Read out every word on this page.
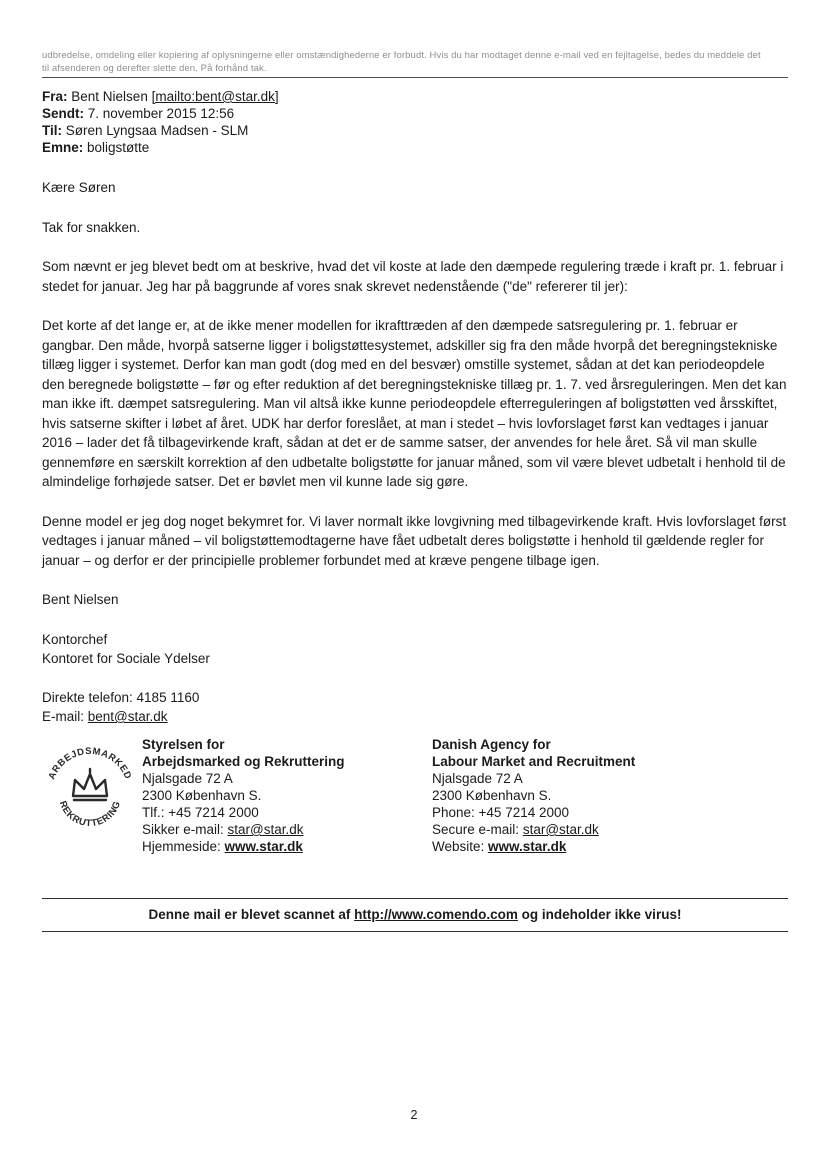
udbredelse, omdeling eller kopiering af oplysningerne eller omstændighederne er forbudt. Hvis du har modtaget denne e-mail ved en fejltagelse, bedes du meddele det
til afsenderen og derefter slette den. På forhånd tak.
Fra: Bent Nielsen [mailto:bent@star.dk]
Sendt: 7. november 2015 12:56
Til: Søren Lyngsaa Madsen - SLM
Emne: boligstøtte

Kære Søren

Tak for snakken.

Som nævnt er jeg blevet bedt om at beskrive, hvad det vil koste at lade den dæmpede regulering træde i kraft pr. 1. februar i stedet for januar. Jeg har på baggrunde af vores snak skrevet nedenstående ("de" refererer til jer):

Det korte af det lange er, at de ikke mener modellen for ikrafttræden af den dæmpede satsregulering pr. 1. februar er gangbar. Den måde, hvorpå satserne ligger i boligstøttesystemet, adskiller sig fra den måde hvorpå det beregningstekniske tillæg ligger i systemet. Derfor kan man godt (dog med en del besvær) omstille systemet, sådan at det kan periodeopdele den beregnede boligstøtte – før og efter reduktion af det beregningstekniske tillæg pr. 1. 7. ved årsreguleringen. Men det kan man ikke ift. dæmpet satsregulering. Man vil altså ikke kunne periodeopdele efterreguleringen af boligstøtten ved årsskiftet, hvis satserne skifter i løbet af året. UDK har derfor foreslået, at man i stedet – hvis lovforslaget først kan vedtages i januar 2016 – lader det få tilbagevirkende kraft, sådan at det er de samme satser, der anvendes for hele året. Så vil man skulle gennemføre en særskilt korrektion af den udbetalte boligstøtte for januar måned, som vil være blevet udbetalt i henhold til de almindelige forhøjede satser. Det er bøvlet men vil kunne lade sig gøre.

Denne model er jeg dog noget bekymret for. Vi laver normalt ikke lovgivning med tilbagevirkende kraft. Hvis lovforslaget først vedtages i januar måned – vil boligstøttemodtagerne have fået udbetalt deres boligstøtte i henhold til gældende regler for januar – og derfor er der principielle problemer forbundet med at kræve pengene tilbage igen.

Bent Nielsen

Kontorchef

Kontoret for Sociale Ydelser

Direkte telefon: 4185 1160

E-mail: bent@star.dk

ARBEJDSMARKED
REKRUTTERING
Styrelsen for
Arbejdsmarked og Rekruttering
Njalsgade 72 A
2300 København S.
Tlf.: +45 7214 2000
Sikker e-mail: star@star.dk
Hjemmeside: www.star.dk
Danish Agency for
Labour Market and Recruitment
Njalsgade 72 A
2300 København S.
Phone: +45 7214 2000
Secure e-mail: star@star.dk
Website: www.star.dk
Denne mail er blevet scannet af http://www.comendo.com og indeholder ikke virus!
2
